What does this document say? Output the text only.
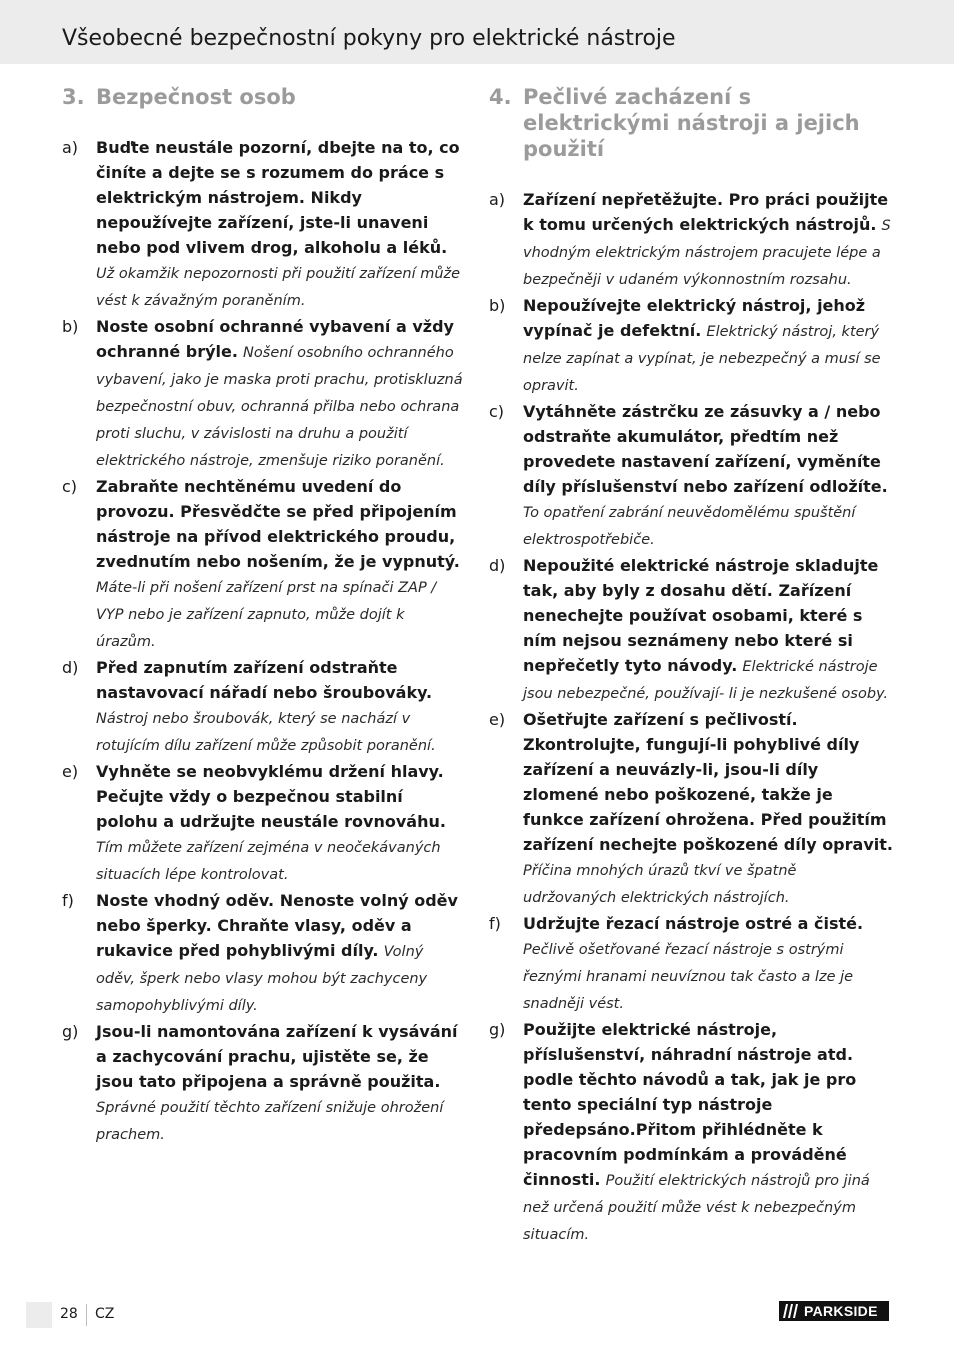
Všeobecné bezpečnostní pokyny pro elektrické nástroje
3. Bezpečnost osob
a)	Buďte neustále pozorní, dbejte na to, co činíte a dejte se s rozumem do práce s elektrickým nástrojem. Nikdy nepoužívejte zařízení, jste-li unaveni nebo pod vlivem drog, alkoholu a léků. Už okamžik nepozornosti při použití zařízení může vést k závažným poraněním.
b)	Noste osobní ochranné vybavení a vždy ochranné brýle. Nošení osobního ochranného vybavení, jako je maska proti prachu, protiskluzná bezpečnostní obuv, ochranná přilba nebo ochrana proti sluchu, v závislosti na druhu a použití elektrického nástroje, zmenšuje riziko poranění.
c)	Zabraňte nechtěnému uvedení do provozu. Přesvědčte se před připojením nástroje na přívod elektrického proudu, zvednutím nebo nošením, že je vypnutý. Máte-li při nošení zařízení prst na spínači ZAP / VYP nebo je zařízení zapnuto, může dojít k úrazům.
d)	Před zapnutím zařízení odstraňte nastavovací nářadí nebo šroubováky. Nástroj nebo šroubovák, který se nachází v rotujícím dílu zařízení může způsobit poranění.
e)	Vyhněte se neobvyklému držení hlavy. Pečujte vždy o bezpečnou stabilní polohu a udržujte neustále rovnováhu. Tím můžete zařízení zejména v neočekávaných situacích lépe kontrolovat.
f)	Noste vhodný oděv. Nenoste volný oděv nebo šperky. Chraňte vlasy, oděv a rukavice před pohyblivými díly. Volný oděv, šperk nebo vlasy mohou být zachyceny samopohyblivými díly.
g)	Jsou-li namontována zařízení k vysávání a zachycování prachu, ujistěte se, že jsou tato připojena a správně použita. Správné použití těchto zařízení snižuje ohrožení prachem.
4. Pečlivé zacházení s elektrickými nástroji a jejich použití
a)	Zařízení nepřetěžujte. Pro práci použijte k tomu určených elektrických nástrojů. S vhodným elektrickým nástrojem pracujete lépe a bezpečněji v udaném výkonnostním rozsahu.
b)	Nepoužívejte elektrický nástroj, jehož vypínač je defektní. Elektrický nástroj, který nelze zapínat a vypínat, je nebezpečný a musí se opravit.
c)	Vytáhněte zástrčku ze zásuvky a / nebo odstraňte akumulátor, předtím než provedete nastavení zařízení, vyměníte díly příslušenství nebo zařízení odložíte. To opatření zabrání neuvědomělému spuštění elektrospotřebiče.
d)	Nepoužité elektrické nástroje skladujte tak, aby byly z dosahu dětí. Zařízení nenechejte používat osobami, které s ním nejsou seznámeny nebo které si nepřečetly tyto návody. Elektrické nástroje jsou nebezpečné, používají- li je nezkušené osoby.
e)	Ošetřujte zařízení s pečlivostí. Zkontrolujte, fungují-li pohyblivé díly zařízení a neuvázly-li, jsou-li díly zlomené nebo poškozené, takže je funkce zařízení ohrožena. Před použitím zařízení nechejte poškozené díly opravit. Příčina mnohých úrazů tkví ve špatně udržovaných elektrických nástrojích.
f)	Udržujte řezací nástroje ostré a čisté. Pečlivě ošetřované řezací nástroje s ostrými řeznými hranami neuvíznou tak často a lze je snadněji vést.
g)	Použijte elektrické nástroje, příslušenství, náhradní nástroje atd. podle těchto návodů a tak, jak je pro tento speciální typ nástroje předepsáno.Přitom přihlédněte k pracovním podmínkám a prováděné činnosti. Použití elektrických nástrojů pro jiná než určená použití může vést k nebezpečným situacím.
28 CZ	PARKSIDE
